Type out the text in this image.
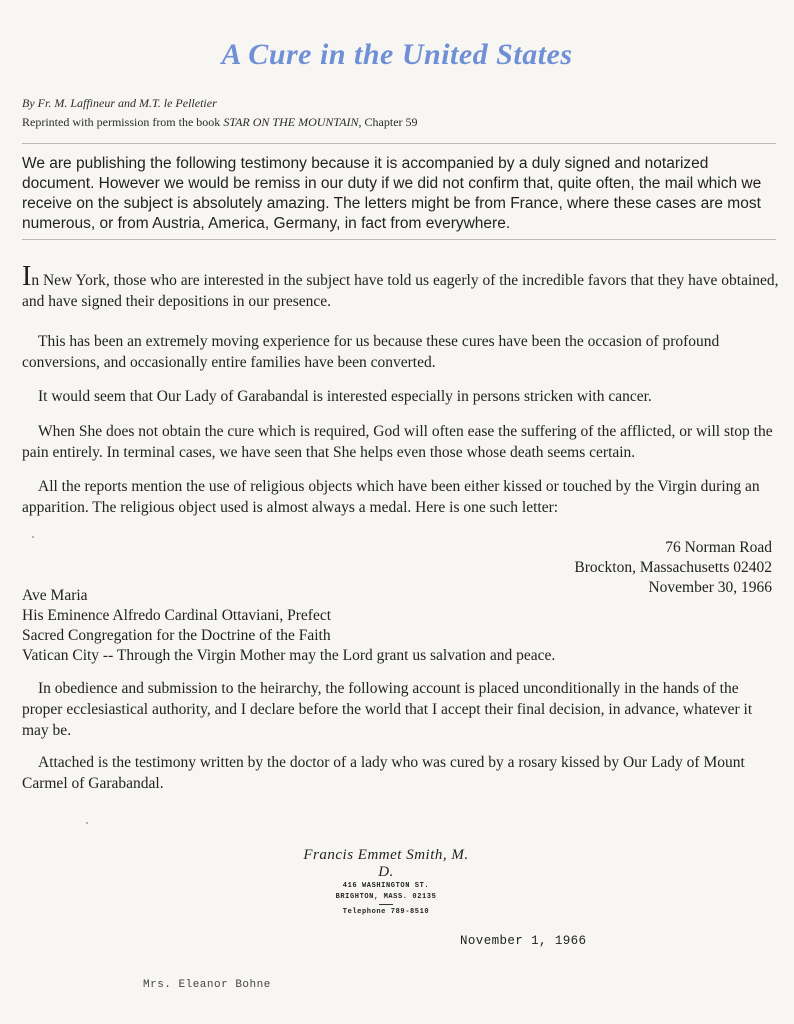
A Cure in the United States
By Fr. M. Laffineur and M.T. le Pelletier
Reprinted with permission from the book STAR ON THE MOUNTAIN, Chapter 59
We are publishing the following testimony because it is accompanied by a duly signed and notarized document. However we would be remiss in our duty if we did not confirm that, quite often, the mail which we receive on the subject is absolutely amazing. The letters might be from France, where these cases are most numerous, or from Austria, America, Germany, in fact from everywhere.
In New York, those who are interested in the subject have told us eagerly of the incredible favors that they have obtained, and have signed their depositions in our presence.
This has been an extremely moving experience for us because these cures have been the occasion of profound conversions, and occasionally entire families have been converted.
It would seem that Our Lady of Garabandal is interested especially in persons stricken with cancer.
When She does not obtain the cure which is required, God will often ease the suffering of the afflicted, or will stop the pain entirely. In terminal cases, we have seen that She helps even those whose death seems certain.
All the reports mention the use of religious objects which have been either kissed or touched by the Virgin during an apparition. The religious object used is almost always a medal. Here is one such letter:
76 Norman Road
Brockton, Massachusetts 02402
November 30, 1966
Ave Maria
His Eminence Alfredo Cardinal Ottaviani, Prefect
Sacred Congregation for the Doctrine of the Faith
Vatican City -- Through the Virgin Mother may the Lord grant us salvation and peace.
In obedience and submission to the heirarchy, the following account is placed unconditionally in the hands of the proper ecclesiastical authority, and I declare before the world that I accept their final decision, in advance, whatever it may be.
Attached is the testimony written by the doctor of a lady who was cured by a rosary kissed by Our Lady of Mount Carmel of Garabandal.
Francis Emmet Smith, M. D.
416 WASHINGTON ST.
BRIGHTON, MASS. 02135
Telephone 789-8510
November 1, 1966
Mrs. Eleanor Bohne
